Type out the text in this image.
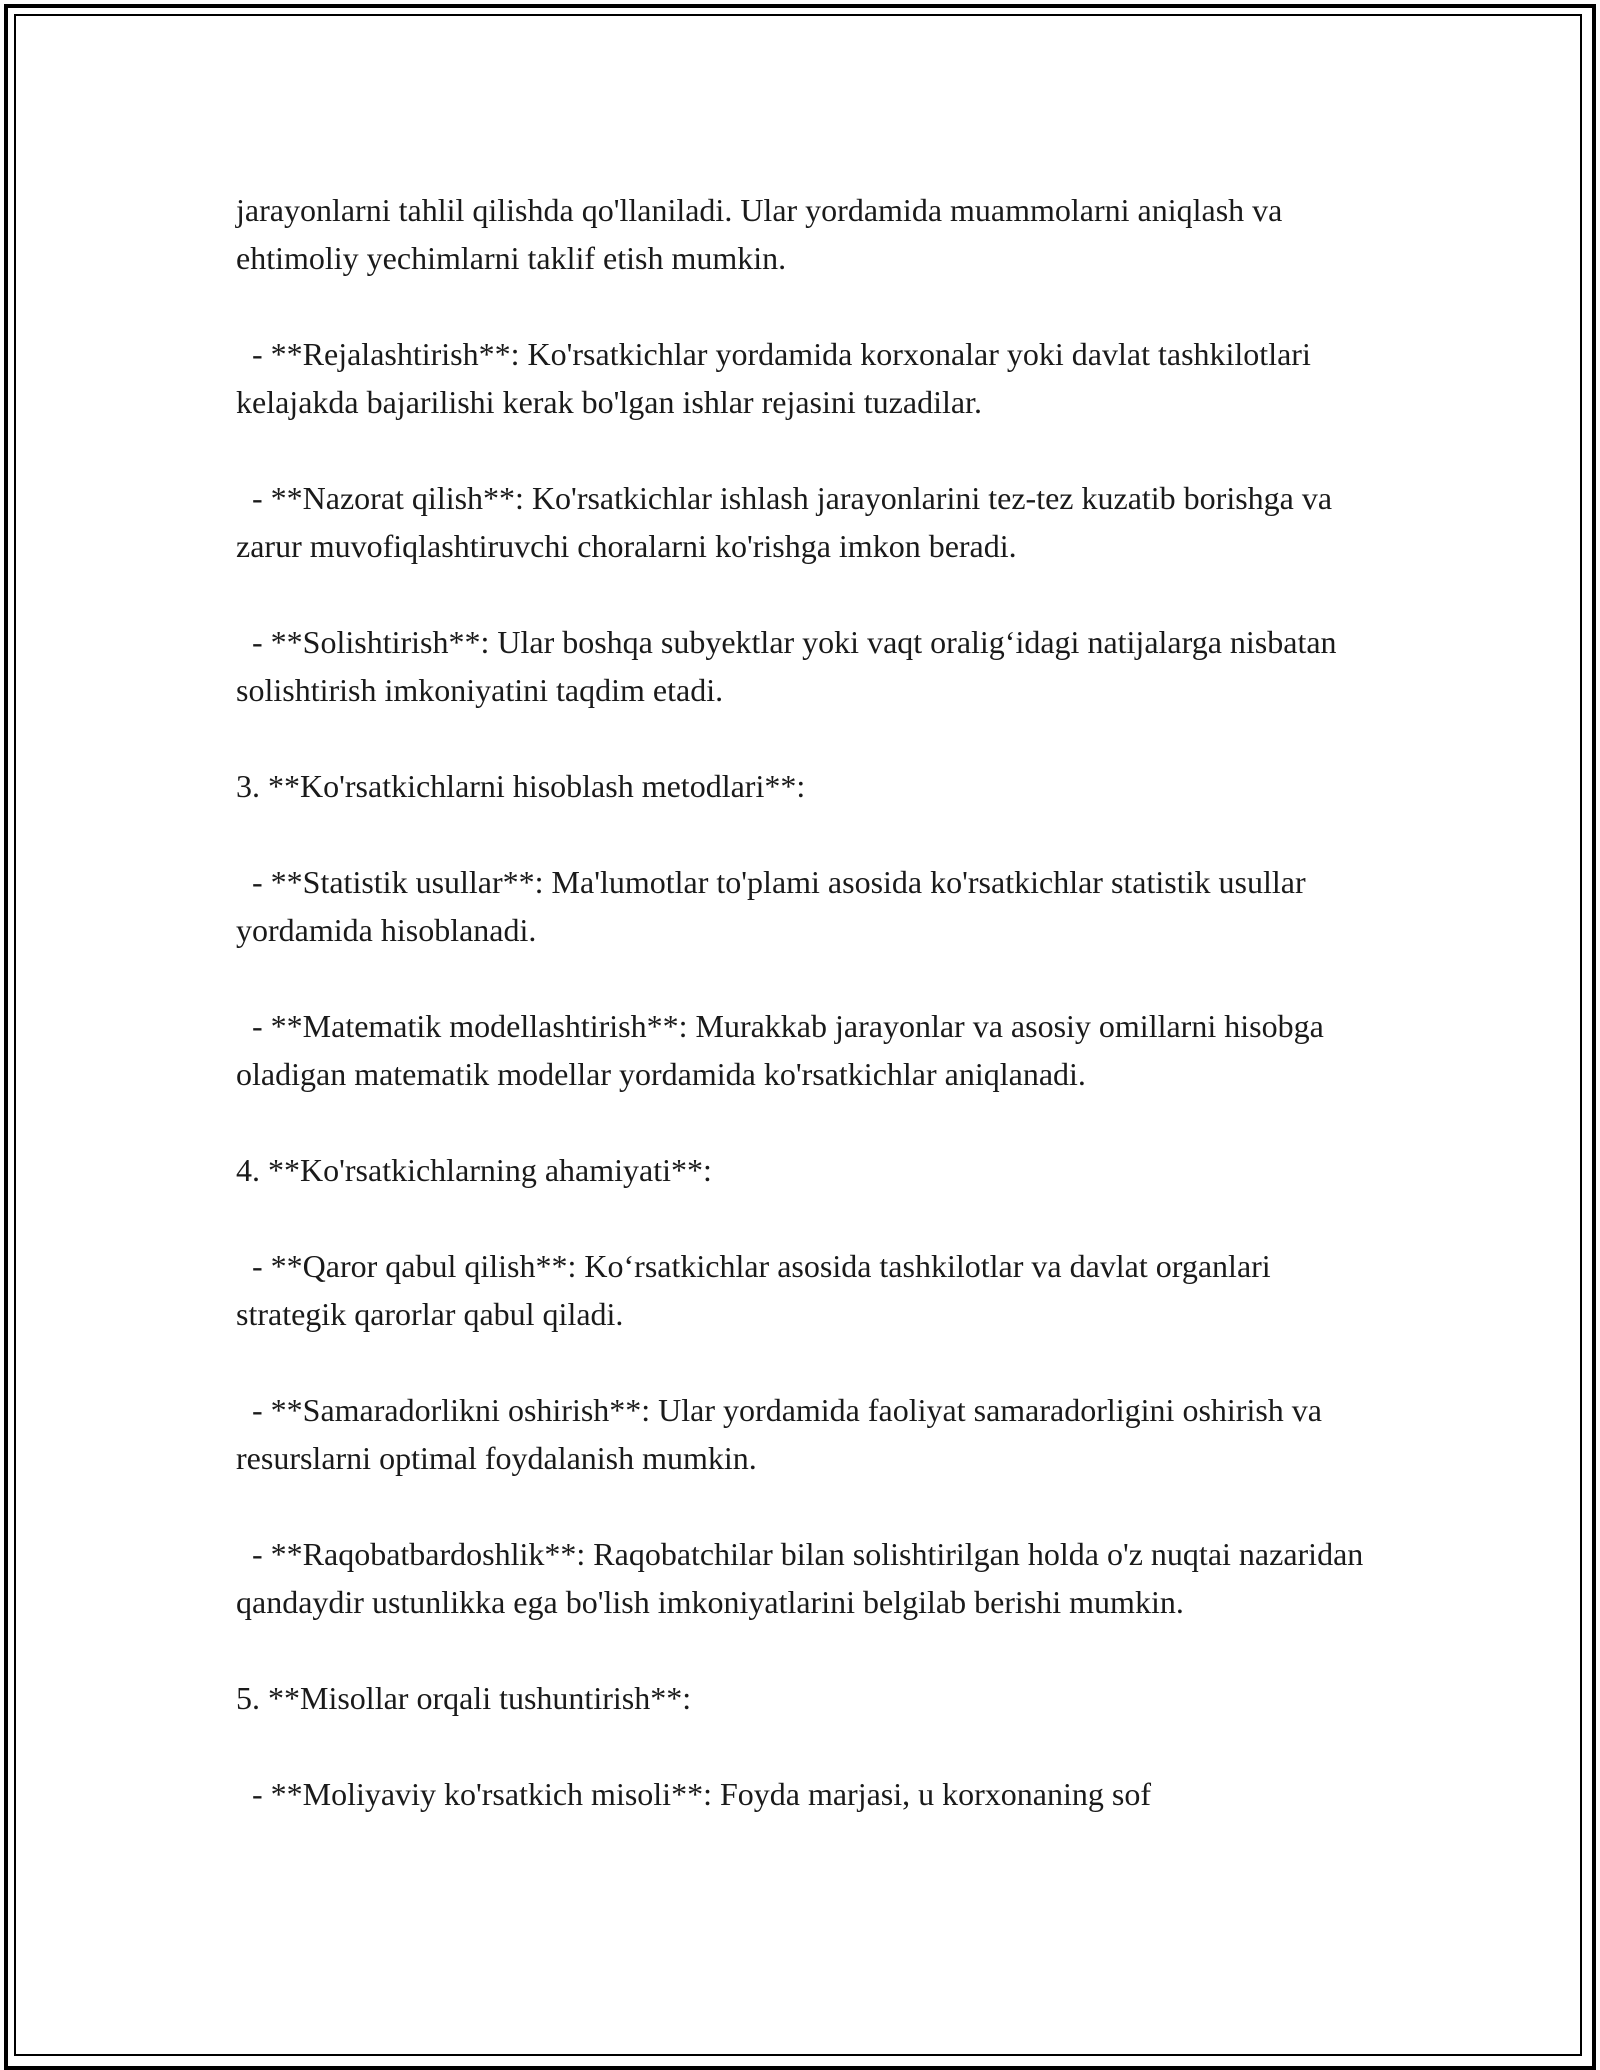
jarayonlarni tahlil qilishda qo'llaniladi. Ular yordamida muammolarni aniqlash va ehtimoliy yechimlarni taklif etish mumkin.

- **Rejalashtirish**: Ko'rsatkichlar yordamida korxonalar yoki davlat tashkilotlari kelajakda bajarilishi kerak bo'lgan ishlar rejasini tuzadilar.

- **Nazorat qilish**: Ko'rsatkichlar ishlash jarayonlarini tez-tez kuzatib borishga va zarur muvofiqlashtiruvchi choralarni ko'rishga imkon beradi.

- **Solishtirish**: Ular boshqa subyektlar yoki vaqt oralig‘idagi natijalarga nisbatan solishtirish imkoniyatini taqdim etadi.

3. **Ko'rsatkichlarni hisoblash metodlari**:

- **Statistik usullar**: Ma'lumotlar to'plami asosida ko'rsatkichlar statistik usullar yordamida hisoblanadi.

- **Matematik modellashtirish**: Murakkab jarayonlar va asosiy omillarni hisobga oladigan matematik modellar yordamida ko'rsatkichlar aniqlanadi.

4. **Ko'rsatkichlarning ahamiyati**:

- **Qaror qabul qilish**: Ko‘rsatkichlar asosida tashkilotlar va davlat organlari strategik qarorlar qabul qiladi.

- **Samaradorlikni oshirish**: Ular yordamida faoliyat samaradorligini oshirish va resurslarni optimal foydalanish mumkin.

- **Raqobatbardoshlik**: Raqobatchilar bilan solishtirilgan holda o'z nuqtai nazaridan qandaydir ustunlikka ega bo'lish imkoniyatlarini belgilab berishi mumkin.

5. **Misollar orqali tushuntirish**:

- **Moliyaviy ko'rsatkich misoli**: Foyda marjasi, u korxonaning sof
